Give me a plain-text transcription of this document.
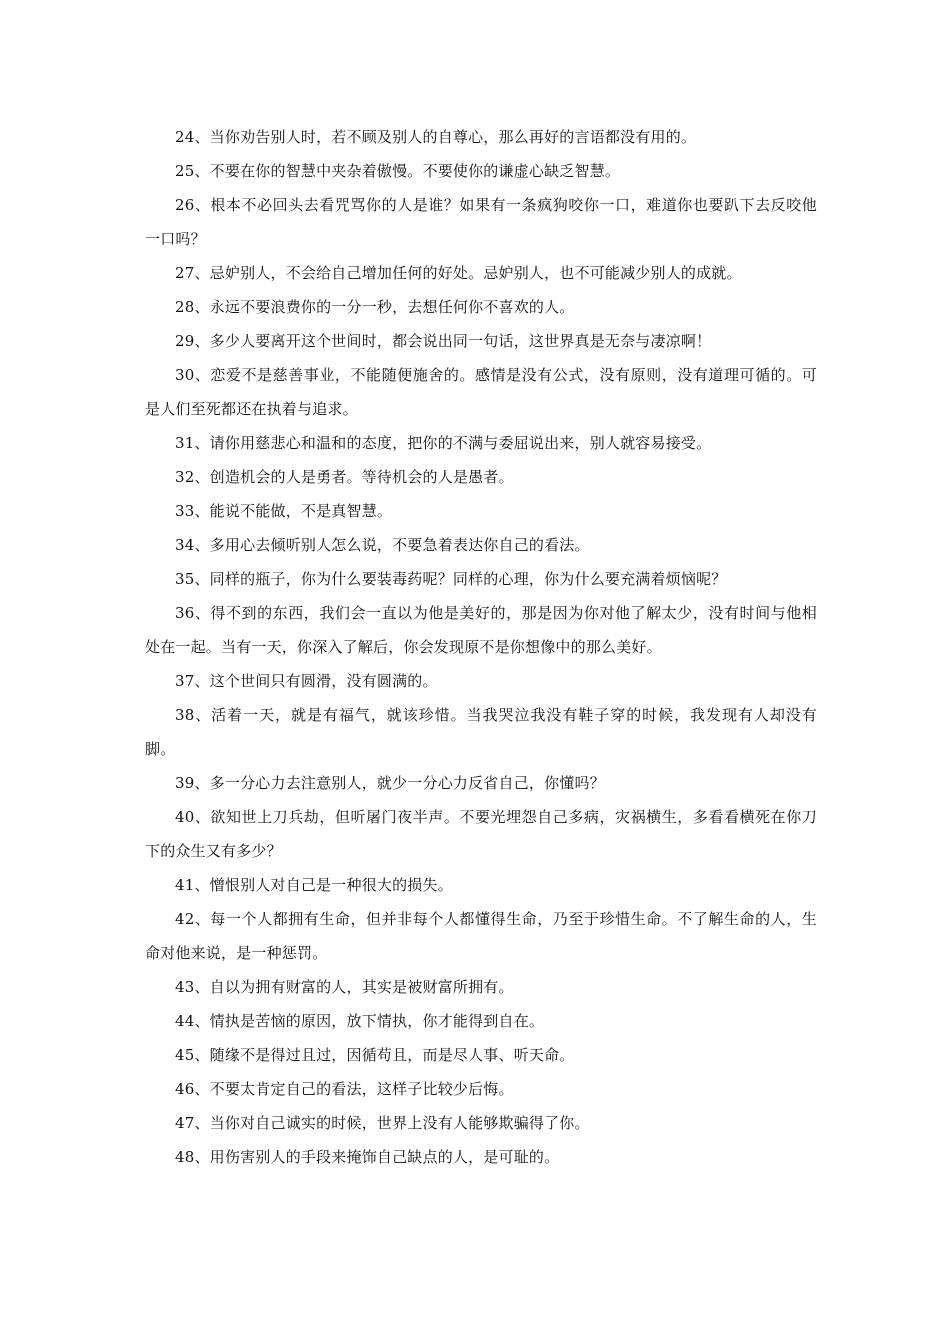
24、当你劝告别人时，若不顾及别人的自尊心，那么再好的言语都没有用的。

25、不要在你的智慧中夹杂着傲慢。不要使你的谦虚心缺乏智慧。

26、根本不必回头去看咒骂你的人是谁？如果有一条疯狗咬你一口，难道你也要趴下去反咬他一口吗？

27、忌妒别人，不会给自己增加任何的好处。忌妒别人，也不可能减少别人的成就。

28、永远不要浪费你的一分一秒，去想任何你不喜欢的人。

29、多少人要离开这个世间时，都会说出同一句话，这世界真是无奈与凄凉啊！

30、恋爱不是慈善事业，不能随便施舍的。感情是没有公式，没有原则，没有道理可循的。可是人们至死都还在执着与追求。

31、请你用慈悲心和温和的态度，把你的不满与委屈说出来，别人就容易接受。

32、创造机会的人是勇者。等待机会的人是愚者。

33、能说不能做，不是真智慧。

34、多用心去倾听别人怎么说，不要急着表达你自己的看法。

35、同样的瓶子，你为什么要装毒药呢？同样的心理，你为什么要充满着烦恼呢？

36、得不到的东西，我们会一直以为他是美好的，那是因为你对他了解太少，没有时间与他相处在一起。当有一天，你深入了解后，你会发现原不是你想像中的那么美好。

37、这个世间只有圆滑，没有圆满的。

38、活着一天，就是有福气，就该珍惜。当我哭泣我没有鞋子穿的时候，我发现有人却没有脚。

39、多一分心力去注意别人，就少一分心力反省自己，你懂吗？

40、欲知世上刀兵劫，但听屠门夜半声。不要光埋怨自己多病，灾祸横生，多看看横死在你刀下的众生又有多少？

41、憎恨别人对自己是一种很大的损失。

42、每一个人都拥有生命，但并非每个人都懂得生命，乃至于珍惜生命。不了解生命的人，生命对他来说，是一种惩罚。

43、自以为拥有财富的人，其实是被财富所拥有。

44、情执是苦恼的原因，放下情执，你才能得到自在。

45、随缘不是得过且过，因循苟且，而是尽人事、听天命。

46、不要太肯定自己的看法，这样子比较少后悔。

47、当你对自己诚实的时候，世界上没有人能够欺骗得了你。

48、用伤害别人的手段来掩饰自己缺点的人，是可耻的。
